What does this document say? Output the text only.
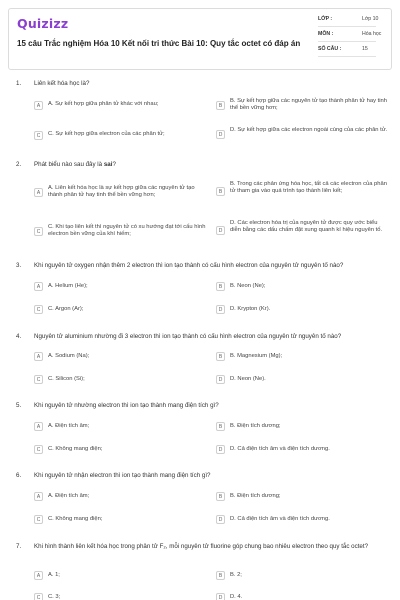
Quizizz
15 câu Trắc nghiệm Hóa 10 Kết nối tri thức Bài 10: Quy tắc octet có đáp án
LỚP :	Lớp 10
MÔN :	Hóa học
SỐ CÂU :	15
1. Liên kết hóa học là?
A	A. Sự kết hợp giữa phân tử khác với nhau;	B
B. Sự kết hợp giữa các nguyên tử tạo thành phân tử hay tinh thể bền vững hơn;
C	C. Sự kết hợp giữa electron của các phân tử;	D
D. Sự kết hợp giữa các electron ngoài cùng của các phân tử.
2. Phát biểu nào sau đây là sai?
A
A. Liên kết hóa học là sự kết hợp giữa các nguyên tử tạo thành phân tử hay tinh thể bền vững hơn;
B
B. Trong các phản ứng hóa học, tất cả các electron của phân tử tham gia vào quá trình tạo thành liên kết;
C
C. Khi tạo liên kết thì nguyên tử có xu hướng đạt tới cấu hình electron bền vững của khí hiếm;
D
D. Các electron hóa trị của nguyên tử được quy ước biểu diễn bằng các dấu chấm đặt xung quanh kí hiệu nguyên tố.
3. Khi nguyên tử oxygen nhận thêm 2 electron thì ion tạo thành có cấu hình electron của nguyên tử nguyên tố nào?
A	A. Helium (He);	B	B. Neon (Ne);
C	C. Argon (Ar);	D	D. Krypton (Kr).
4. Nguyên tử aluminium nhường đi 3 electron thì ion tạo thành có cấu hình electron của nguyên tử nguyên tố nào?
A	A. Sodium (Na);	B	B. Magnesium (Mg);
C	C. Silicon (Si);	D	D. Neon (Ne).
5. Khi nguyên tử nhường electron thì ion tạo thành mang điện tích gì?
A	A. Điện tích âm;	B	B. Điện tích dương;
C	C. Không mang điện;	D	D. Cả điện tích âm và điện tích dương.
6. Khi nguyên tử nhận electron thì ion tạo thành mang điện tích gì?
A	A. Điện tích âm;	B	B. Điện tích dương;
C	C. Không mang điện;	D	D. Cả điện tích âm và điện tích dương.
7. Khi hình thành liên kết hóa học trong phân tử F₂, mỗi nguyên tử fluorine góp chung bao nhiêu electron theo quy tắc octet?
A	A. 1;	B	B. 2;
C	C. 3;	D	D. 4.
